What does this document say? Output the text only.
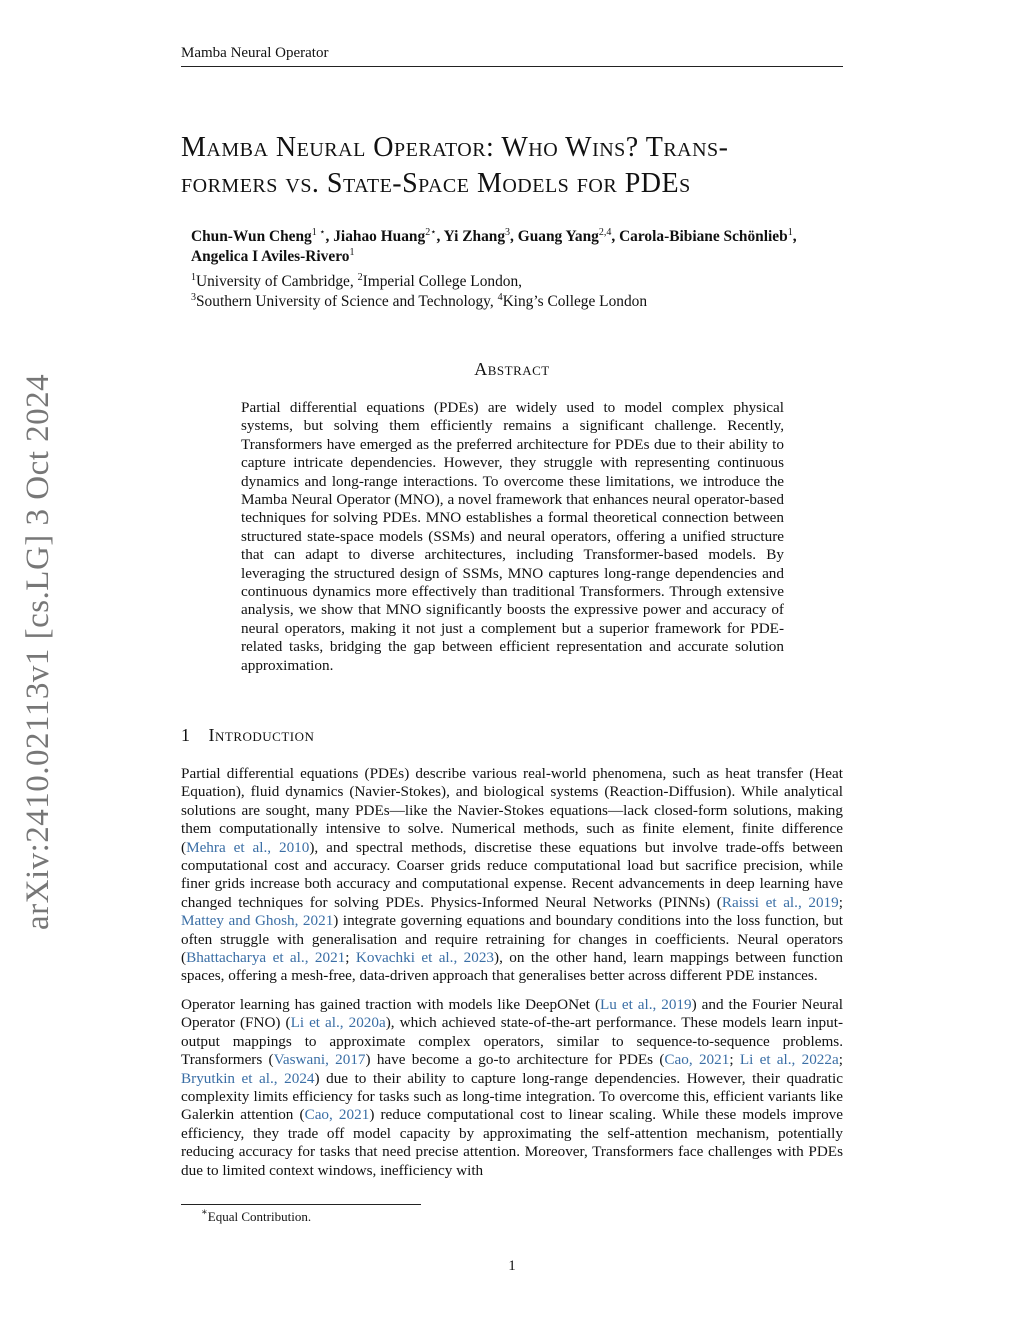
Mamba Neural Operator
arXiv:2410.02113v1 [cs.LG] 3 Oct 2024
Mamba Neural Operator: Who Wins? Trans-
formers vs. State-Space Models for PDEs
Chun-Wun Cheng$^{1 ⋆}$, Jiahao Huang$^{2⋆}$, Yi Zhang$^3$, Guang Yang$^{2,4}$, Carola-Bibiane Schönlieb$^1$,
Angelica I Aviles-Rivero$^1$
$^1$University of Cambridge, $^2$Imperial College London,
$^3$Southern University of Science and Technology, $^4$King’s College London
Abstract

Partial differential equations (PDEs) are widely used to model complex physical systems, but solving them efficiently remains a significant challenge. Recently, Transformers have emerged as the preferred architecture for PDEs due to their ability to capture intricate dependencies. However, they struggle with representing continuous dynamics and long-range interactions. To overcome these limitations, we introduce the Mamba Neural Operator (MNO), a novel framework that enhances neural operator-based techniques for solving PDEs. MNO establishes a formal theoretical connection between structured state-space models (SSMs) and neural operators, offering a unified structure that can adapt to diverse architectures, including Transformer-based models. By leveraging the structured design of SSMs, MNO captures long-range dependencies and continuous dynamics more effectively than traditional Transformers. Through extensive analysis, we show that MNO significantly boosts the expressive power and accuracy of neural operators, making it not just a complement but a superior framework for PDE-related tasks, bridging the gap between efficient representation and accurate solution approximation.

1 Introduction

Partial differential equations (PDEs) describe various real-world phenomena, such as heat transfer (Heat Equation), fluid dynamics (Navier-Stokes), and biological systems (Reaction-Diffusion). While analytical solutions are sought, many PDEs—like the Navier-Stokes equations—lack closed-form solutions, making them computationally intensive to solve. Numerical methods, such as finite element, finite difference (Mehra et al., 2010), and spectral methods, discretise these equations but involve trade-offs between computational cost and accuracy. Coarser grids reduce computational load but sacrifice precision, while finer grids increase both accuracy and computational expense. Recent advancements in deep learning have changed techniques for solving PDEs. Physics-Informed Neural Networks (PINNs) (Raissi et al., 2019; Mattey and Ghosh, 2021) integrate governing equations and boundary conditions into the loss function, but often struggle with generalisation and require retraining for changes in coefficients. Neural operators (Bhattacharya et al., 2021; Kovachki et al., 2023), on the other hand, learn mappings between function spaces, offering a mesh-free, data-driven approach that generalises better across different PDE instances.

Operator learning has gained traction with models like DeepONet (Lu et al., 2019) and the Fourier Neural Operator (FNO) (Li et al., 2020a), which achieved state-of-the-art performance. These models learn input-output mappings to approximate complex operators, similar to sequence-to-sequence problems. Transformers (Vaswani, 2017) have become a go-to architecture for PDEs (Cao, 2021; Li et al., 2022a; Bryutkin et al., 2024) due to their ability to capture long-range dependencies. However, their quadratic complexity limits efficiency for tasks such as long-time integration. To overcome this, efficient variants like Galerkin attention (Cao, 2021) reduce computational cost to linear scaling. While these models improve efficiency, they trade off model capacity by approximating the self-attention mechanism, potentially reducing accuracy for tasks that need precise attention. Moreover, Transformers face challenges with PDEs due to limited context windows, inefficiency with

∗Equal Contribution.
1
